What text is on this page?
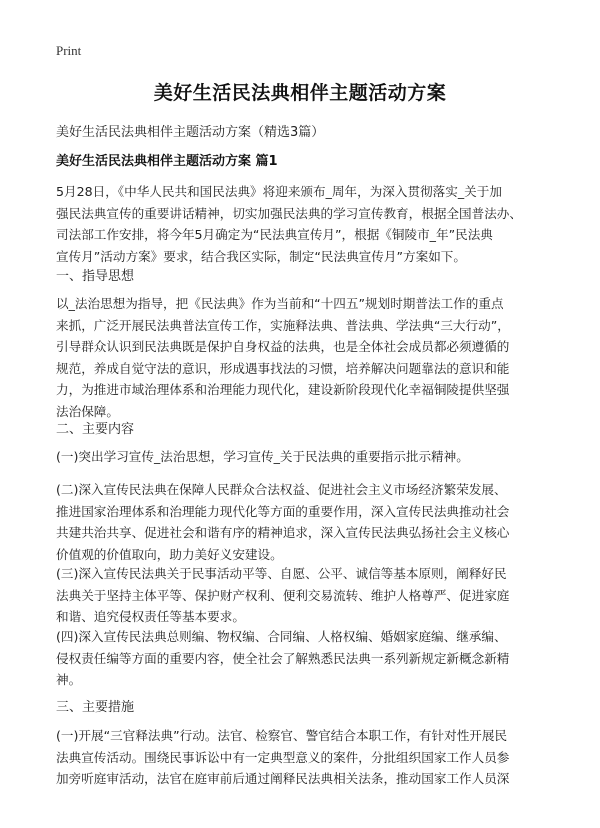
Print
美好生活民法典相伴主题活动方案
美好生活民法典相伴主题活动方案（精选3篇）
美好生活民法典相伴主题活动方案 篇1
5月28日，《中华人民共和国民法典》将迎来颁布_周年，为深入贯彻落实_关于加
强民法典宣传的重要讲话精神，切实加强民法典的学习宣传教育，根据全国普法办、
司法部工作安排，将今年5月确定为“民法典宣传月”，根据《铜陵市_年”民法典
宣传月”活动方案》要求，结合我区实际，制定“民法典宣传月”方案如下。
一、指导思想
以_法治思想为指导，把《民法典》作为当前和“十四五”规划时期普法工作的重点
来抓，广泛开展民法典普法宣传工作，实施释法典、普法典、学法典“三大行动”，
引导群众认识到民法典既是保护自身权益的法典，也是全体社会成员都必须遵循的
规范，养成自觉守法的意识，形成遇事找法的习惯，培养解决问题靠法的意识和能
力，为推进市域治理体系和治理能力现代化，建设新阶段现代化幸福铜陵提供坚强
法治保障。
二、主要内容
(一)突出学习宣传_法治思想，学习宣传_关于民法典的重要指示批示精神。
(二)深入宣传民法典在保障人民群众合法权益、促进社会主义市场经济繁荣发展、
推进国家治理体系和治理能力现代化等方面的重要作用，深入宣传民法典推动社会
共建共治共享、促进社会和谐有序的精神追求，深入宣传民法典弘扬社会主义核心
价值观的价值取向，助力美好义安建设。
(三)深入宣传民法典关于民事活动平等、自愿、公平、诚信等基本原则，阐释好民
法典关于坚持主体平等、保护财产权利、便利交易流转、维护人格尊严、促进家庭
和谐、追究侵权责任等基本要求。
(四)深入宣传民法典总则编、物权编、合同编、人格权编、婚姻家庭编、继承编、
侵权责任编等方面的重要内容，使全社会了解熟悉民法典一系列新规定新概念新精
神。
三、主要措施
(一)开展“三官释法典”行动。法官、检察官、警官结合本职工作，有针对性开展民
法典宣传活动。围绕民事诉讼中有一定典型意义的案件，分批组织国家工作人员参
加旁听庭审活动，法官在庭审前后通过阐释民法典相关法条，推动国家工作人员深
